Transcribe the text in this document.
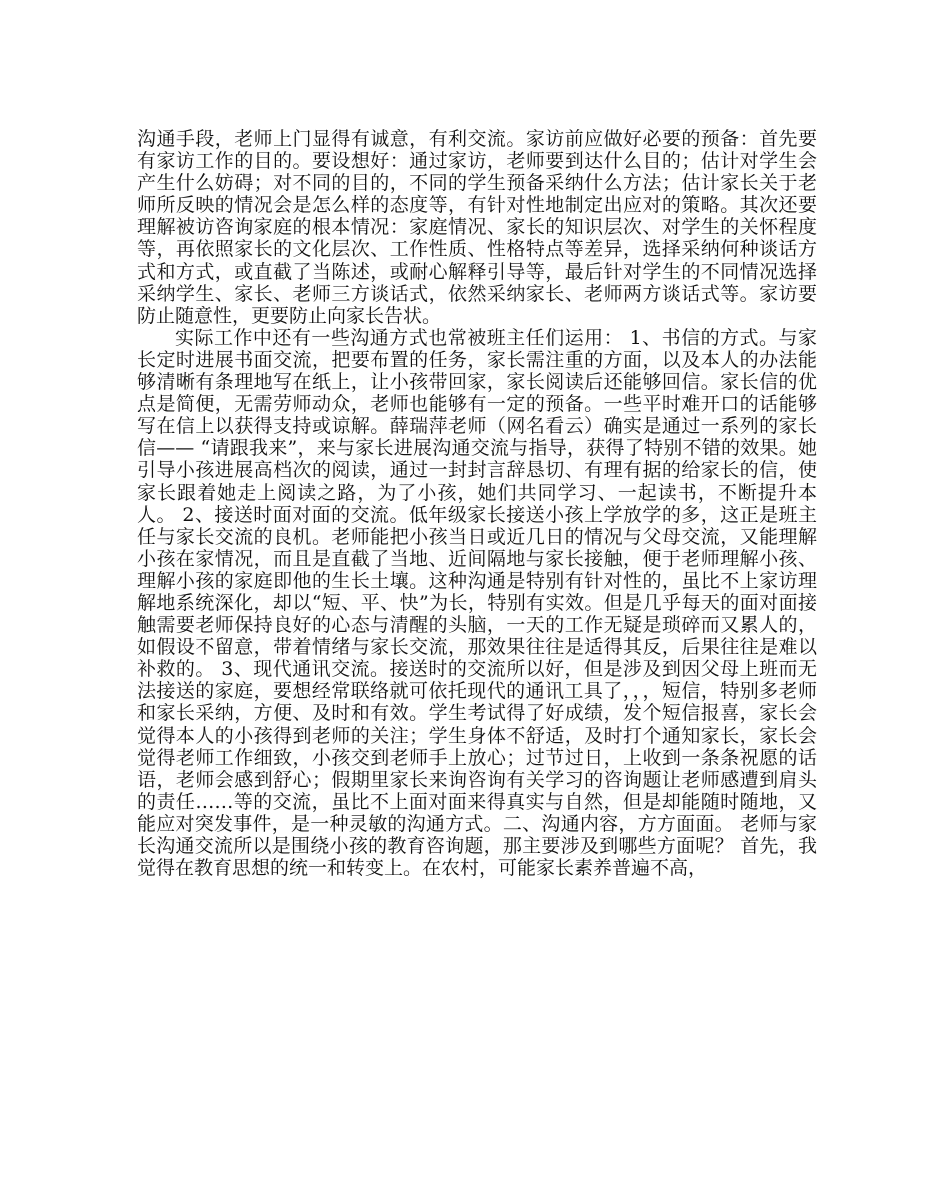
沟通手段，老师上门显得有诚意，有利交流。家访前应做好必要的预备：首先要有家访工作的目的。要设想好：通过家访，老师要到达什么目的；估计对学生会产生什么妨碍；对不同的目的，不同的学生预备采纳什么方法；估计家长关于老师所反映的情况会是怎么样的态度等，有针对性地制定出应对的策略。其次还要理解被访咨询家庭的根本情况：家庭情况、家长的知识层次、对学生的关怀程度等，再依照家长的文化层次、工作性质、性格特点等差异，选择采纳何种谈话方式和方式，或直截了当陈述，或耐心解释引导等，最后针对学生的不同情况选择采纳学生、家长、老师三方谈话式，依然采纳家长、老师两方谈话式等。家访要防止随意性，更要防止向家长告状。

实际工作中还有一些沟通方式也常被班主任们运用： 1、书信的方式。与家长定时进展书面交流，把要布置的任务，家长需注重的方面，以及本人的办法能够清晰有条理地写在纸上，让小孩带回家，家长阅读后还能够回信。家长信的优点是简便，无需劳师动众，老师也能够有一定的预备。一些平时难开口的话能够写在信上以获得支持或谅解。薛瑞萍老师（网名看云）确实是通过一系列的家长信—— “请跟我来”，来与家长进展沟通交流与指导，获得了特别不错的效果。她引导小孩进展高档次的阅读，通过一封封言辞恳切、有理有据的给家长的信，使家长跟着她走上阅读之路，为了小孩，她们共同学习、一起读书，不断提升本人。 2、接送时面对面的交流。低年级家长接送小孩上学放学的多，这正是班主任与家长交流的良机。老师能把小孩当日或近几日的情况与父母交流，又能理解小孩在家情况，而且是直截了当地、近间隔地与家长接触，便于老师理解小孩、理解小孩的家庭即他的生长土壤。这种沟通是特别有针对性的，虽比不上家访理解地系统深化，却以“短、平、快”为长，特别有实效。但是几乎每天的面对面接触需要老师保持良好的心态与清醒的头脑，一天的工作无疑是琐碎而又累人的，如假设不留意，带着情绪与家长交流，那效果往往是适得其反，后果往往是难以补救的。 3、现代通讯交流。接送时的交流所以好，但是涉及到因父母上班而无法接送的家庭，要想经常联络就可依托现代的通讯工具了，，，短信，特别多老师和家长采纳，方便、及时和有效。学生考试得了好成绩，发个短信报喜，家长会觉得本人的小孩得到老师的关注；学生身体不舒适，及时打个通知家长，家长会觉得老师工作细致，小孩交到老师手上放心；过节过日，上收到一条条祝愿的话语，老师会感到舒心；假期里家长来询咨询有关学习的咨询题让老师感遭到肩头的责任……等的交流，虽比不上面对面来得真实与自然，但是却能随时随地，又能应对突发事件，是一种灵敏的沟通方式。二、沟通内容，方方面面。 老师与家长沟通交流所以是围绕小孩的教育咨询题，那主要涉及到哪些方面呢？ 首先，我觉得在教育思想的统一和转变上。在农村，可能家长素养普遍不高，
